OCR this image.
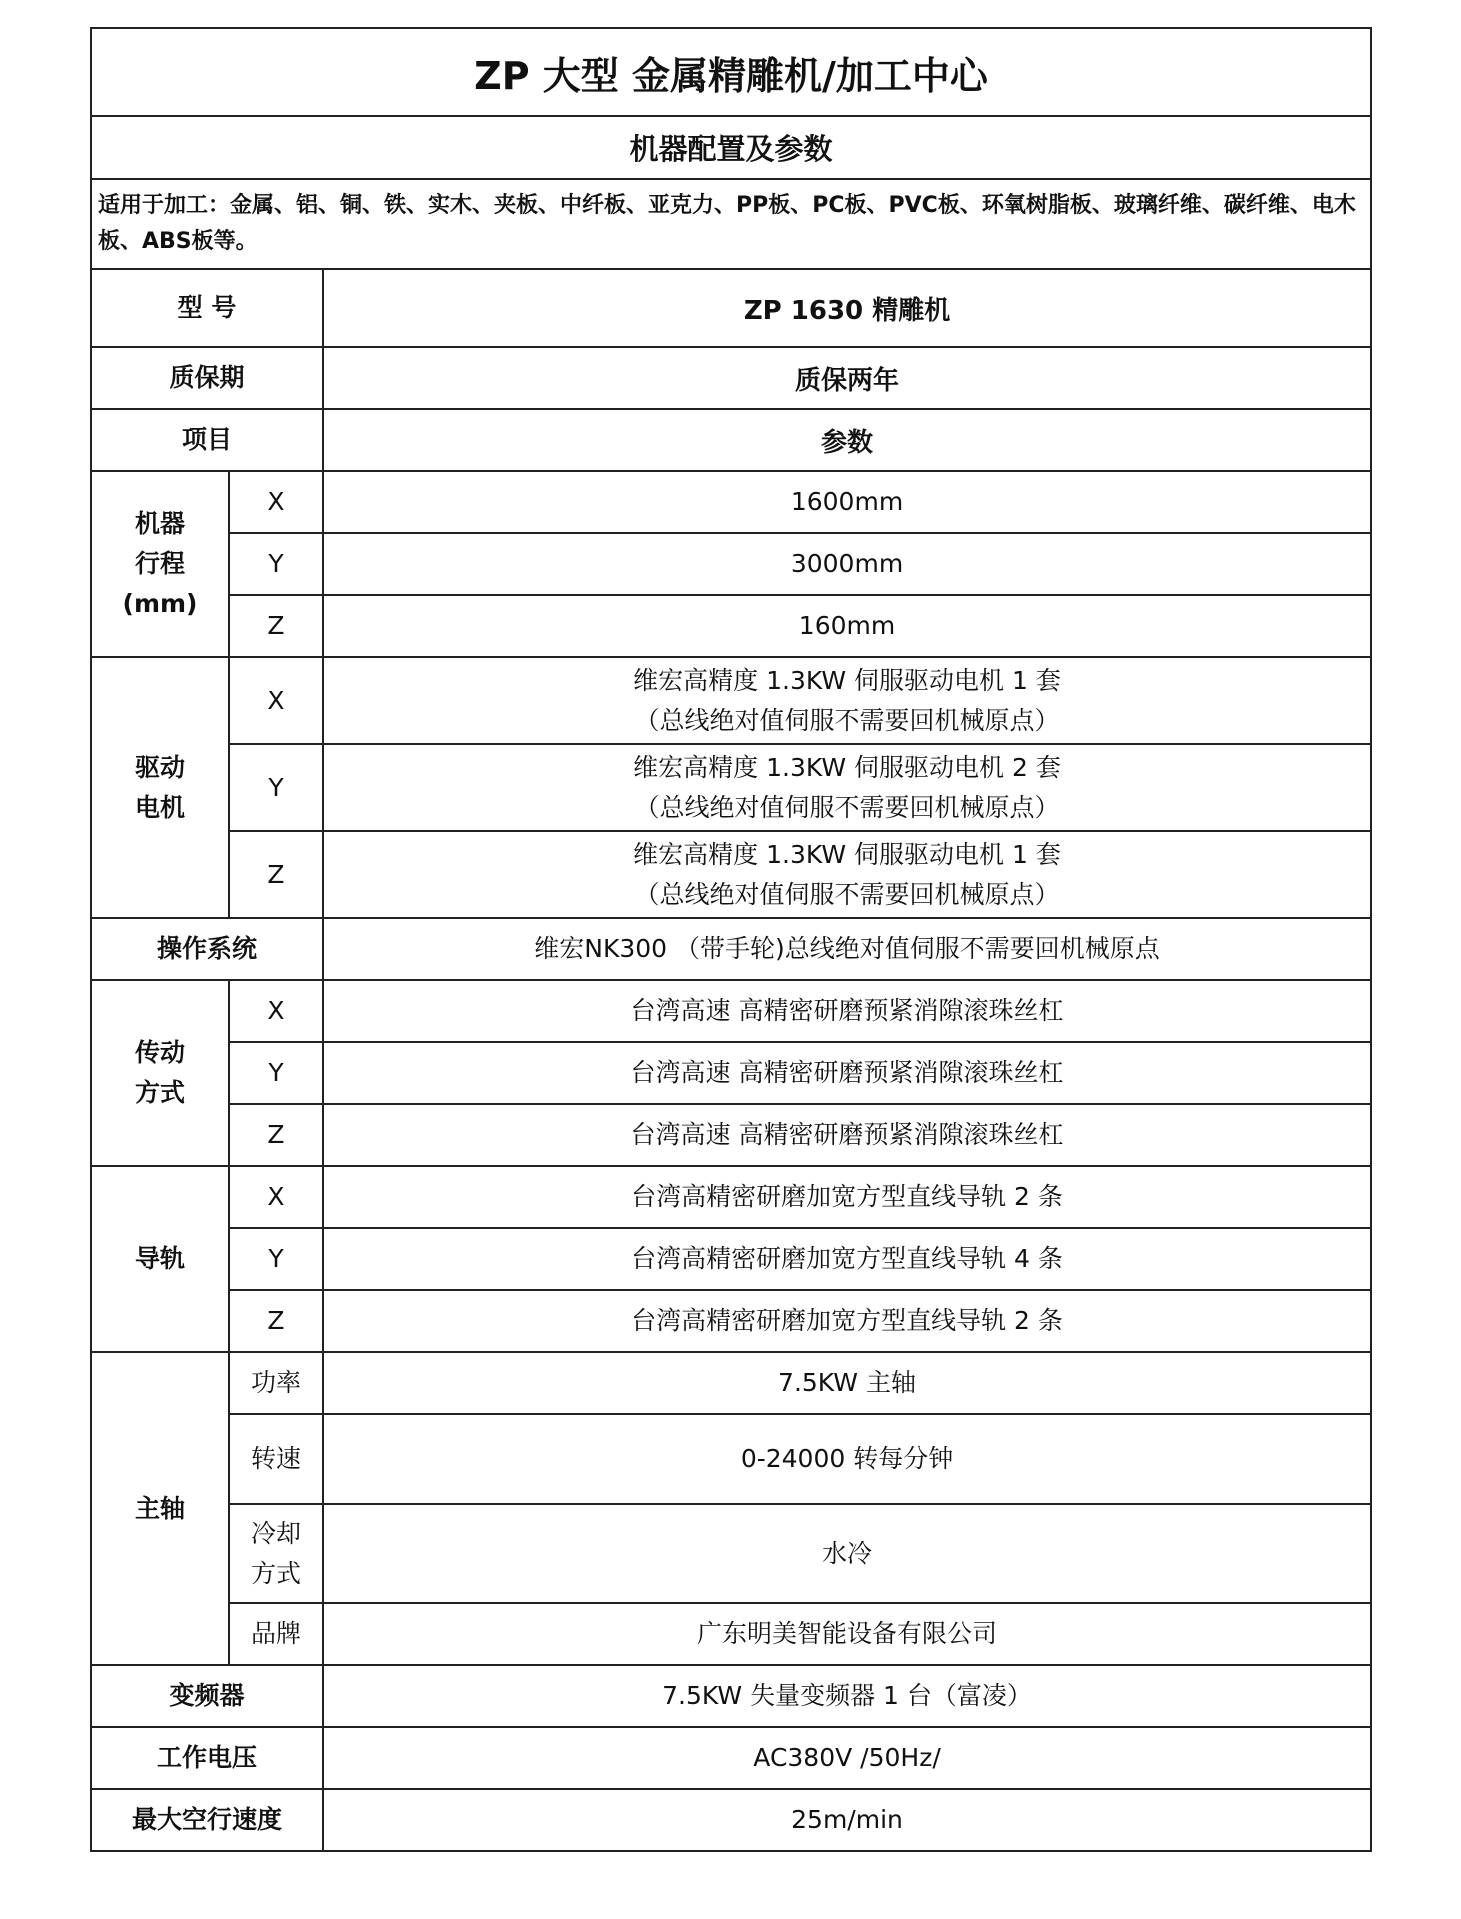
ZP 大型 金属精雕机/加工中心		
机器配置及参数		
适用于加工：金属、铝、铜、铁、实木、夹板、中纤板、亚克力、PP板、PC板、PVC板、环氧树脂板、玻璃纤维、碳纤维、电木板、ABS板等。		
型 号		ZP 1630 精雕机
质保期		质保两年
项目		参数

机器
行程
(mm)	X	1600mm
	Y	3000mm
	Z	160mm

驱动
电机	X	维宏高精度 1.3KW 伺服驱动电机 1 套
（总线绝对值伺服不需要回机械原点）

	Y	维宏高精度 1.3KW 伺服驱动电机 2 套
（总线绝对值伺服不需要回机械原点）

	Z	维宏高精度 1.3KW 伺服驱动电机 1 套
（总线绝对值伺服不需要回机械原点）

操作系统		维宏NK300 （带手轮)总线绝对值伺服不需要回机械原点

传动
方式	X	台湾高速 高精密研磨预紧消隙滚珠丝杠
	Y	台湾高速 高精密研磨预紧消隙滚珠丝杠
	Z	台湾高速 高精密研磨预紧消隙滚珠丝杠
导轨	X	台湾高精密研磨加宽方型直线导轨 2 条
	Y	台湾高精密研磨加宽方型直线导轨 4 条
	Z	台湾高精密研磨加宽方型直线导轨 2 条
主轴	功率	7.5KW 主轴
	转速	0-24000 转每分钟

	冷却
方式	水冷
	品牌	广东明美智能设备有限公司
变频器		7.5KW 失量变频器 1 台（富凌）
工作电压		AC380V /50Hz/
最大空行速度		25m/min
